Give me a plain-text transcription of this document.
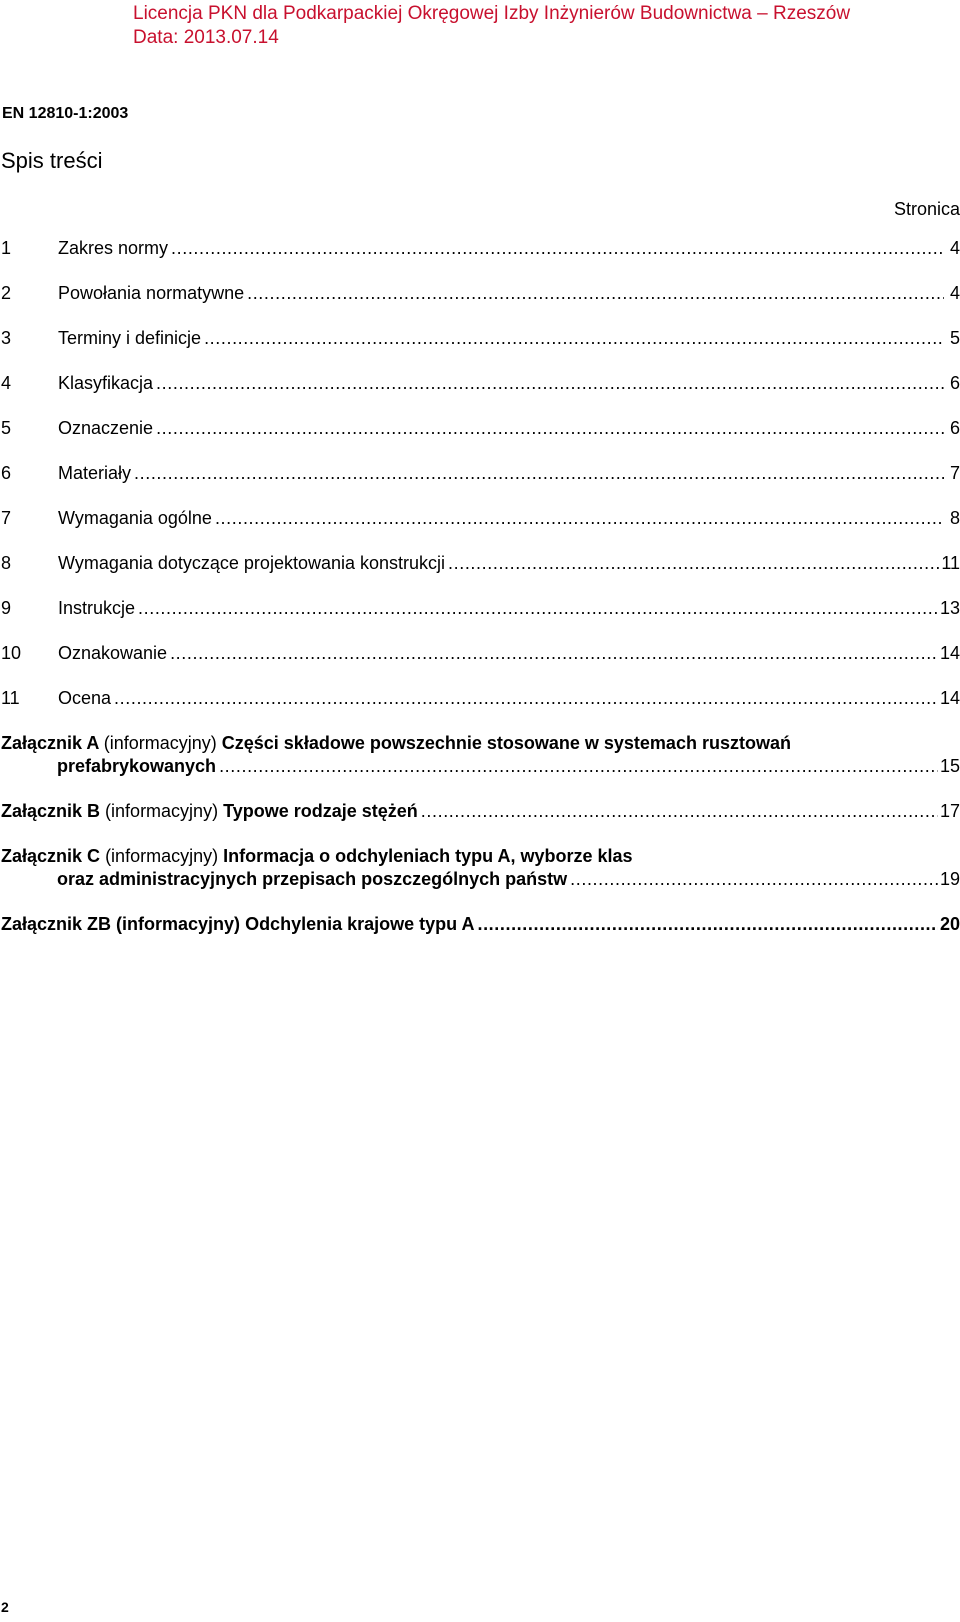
Licencja PKN dla Podkarpackiej Okręgowej Izby Inżynierów Budownictwa – Rzeszów
Data: 2013.07.14
EN 12810-1:2003
Spis treści
Stronica
1	Zakres normy .....	4
2	Powołania normatywne .....	4
3	Terminy i definicje .....	5
4	Klasyfikacja .....	6
5	Oznaczenie .....	6
6	Materiały .....	7
7	Wymagania ogólne .....	8
8	Wymagania dotyczące projektowania konstrukcji .....	11
9	Instrukcje .....	13
10	Oznakowanie .....	14
11	Ocena .....	14
Załącznik A (informacyjny) Części składowe powszechnie stosowane w systemach rusztowań
prefabrykowanych .....	15
Załącznik B (informacyjny) Typowe rodzaje stężeń .....	17
Załącznik C (informacyjny) Informacja o odchyleniach typu A, wyborze klas
oraz administracyjnych przepisach poszczególnych państw .....	19
Załącznik ZB (informacyjny) Odchylenia krajowe typu A .....	20
2
